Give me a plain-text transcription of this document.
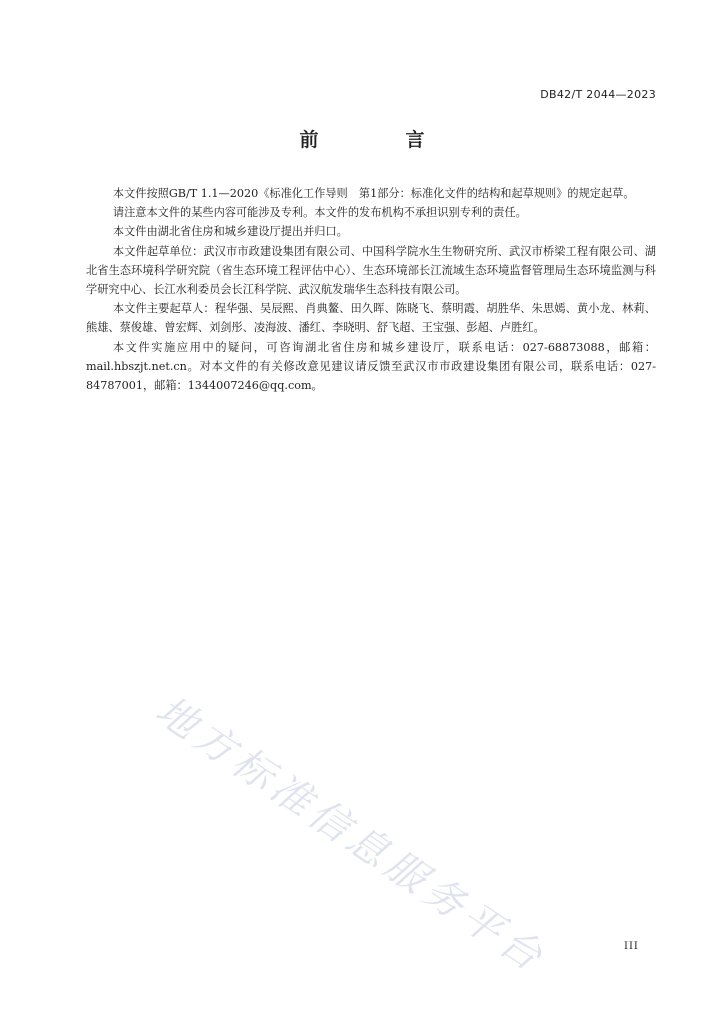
DB42/T 2044—2023
前　言

本文件按照GB/T 1.1—2020《标准化工作导则　第1部分：标准化文件的结构和起草规则》的规定起草。

请注意本文件的某些内容可能涉及专利。本文件的发布机构不承担识别专利的责任。

本文件由湖北省住房和城乡建设厅提出并归口。

本文件起草单位：武汉市市政建设集团有限公司、中国科学院水生生物研究所、武汉市桥梁工程有限公司、湖北省生态环境科学研究院（省生态环境工程评估中心）、生态环境部长江流域生态环境监督管理局生态环境监测与科学研究中心、长江水利委员会长江科学院、武汉航发瑞华生态科技有限公司。

本文件主要起草人：程华强、吴辰熙、肖典鳌、田久晖、陈晓飞、蔡明霞、胡胜华、朱思嫣、黄小龙、林莉、熊雄、蔡俊雄、曾宏辉、刘剑彤、凌海波、潘红、李晓明、舒飞超、王宝强、彭超、卢胜红。

本文件实施应用中的疑问，可咨询湖北省住房和城乡建设厅，联系电话：027-68873088，邮箱：mail.hbszjt.net.cn。对本文件的有关修改意见建议请反馈至武汉市市政建设集团有限公司，联系电话：027-84787001，邮箱：1344007246@qq.com。

地方标准信息服务平台	III
